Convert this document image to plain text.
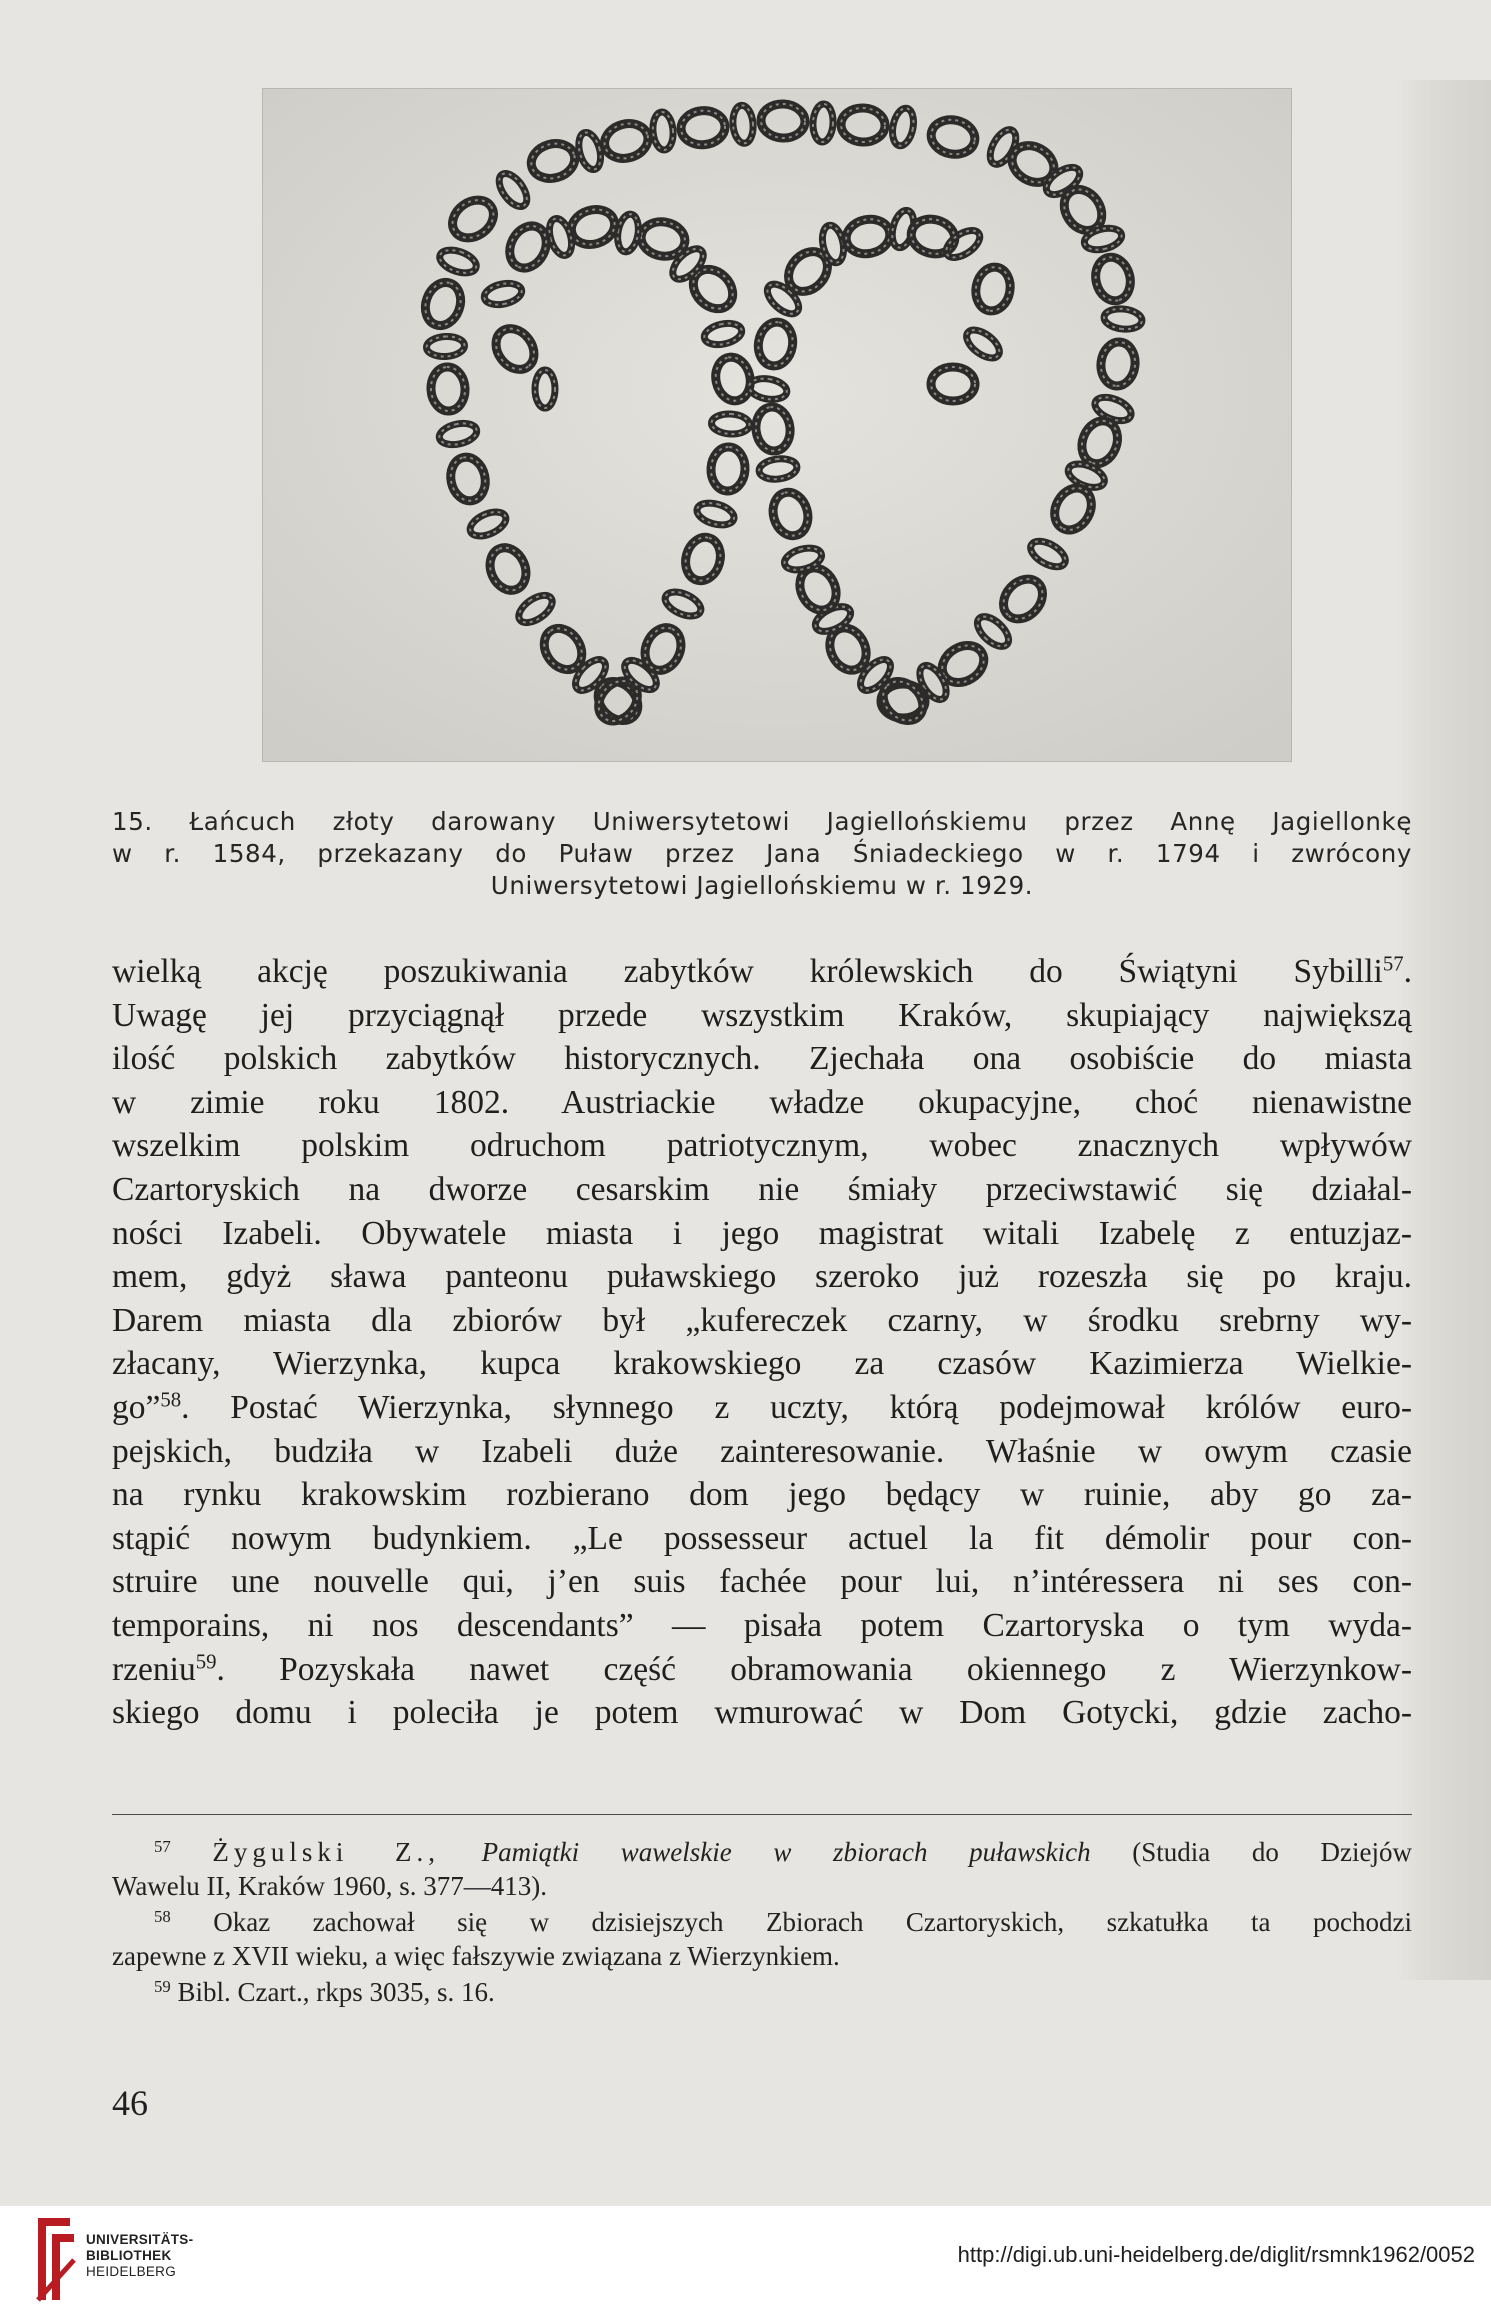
15. Łańcuch złoty darowany Uniwersytetowi Jagiellońskiemu przez Annę Jagiellonkę
w r. 1584, przekazany do Puław przez Jana Śniadeckiego w r. 1794 i zwrócony
Uniwersytetowi Jagiellońskiemu w r. 1929.
wielką akcję poszukiwania zabytków królewskich do Świątyni Sybilli$^{57}$.
Uwagę jej przyciągnął przede wszystkim Kraków, skupiający największą
ilość polskich zabytków historycznych. Zjechała ona osobiście do miasta
w zimie roku 1802. Austriackie władze okupacyjne, choć nienawistne
wszelkim polskim odruchom patriotycznym, wobec znacznych wpływów
Czartoryskich na dworze cesarskim nie śmiały przeciwstawić się działal-
ności Izabeli. Obywatele miasta i jego magistrat witali Izabelę z entuzjaz-
mem, gdyż sława panteonu puławskiego szeroko już rozeszła się po kraju.
Darem miasta dla zbiorów był „kufereczek czarny, w środku srebrny wy-
złacany, Wierzynka, kupca krakowskiego za czasów Kazimierza Wielkie-
go”$^{58}$. Postać Wierzynka, słynnego z uczty, którą podejmował królów euro-
pejskich, budziła w Izabeli duże zainteresowanie. Właśnie w owym czasie
na rynku krakowskim rozbierano dom jego będący w ruinie, aby go za-
stąpić nowym budynkiem. „Le possesseur actuel la fit démolir pour con-
struire une nouvelle qui, j’en suis fachée pour lui, n’intéressera ni ses con-
temporains, ni nos descendants” — pisała potem Czartoryska o tym wyda-
rzeniu$^{59}$. Pozyskała nawet część obramowania okiennego z Wierzynkow-
skiego domu i poleciła je potem wmurować w Dom Gotycki, gdzie zacho-
$^{57}$ Żygulski Z., Pamiątki wawelskie w zbiorach puławskich (Studia do Dziejów
Wawelu II, Kraków 1960, s. 377—413).
$^{58}$ Okaz zachował się w dzisiejszych Zbiorach Czartoryskich, szkatułka ta pochodzi
zapewne z XVII wieku, a więc fałszywie związana z Wierzynkiem.
$^{59}$ Bibl. Czart., rkps 3035, s. 16.
46
UNIVERSITÄTS-
BIBLIOTHEK
HEIDELBERG
http://digi.ub.uni-heidelberg.de/diglit/rsmnk1962/0052
